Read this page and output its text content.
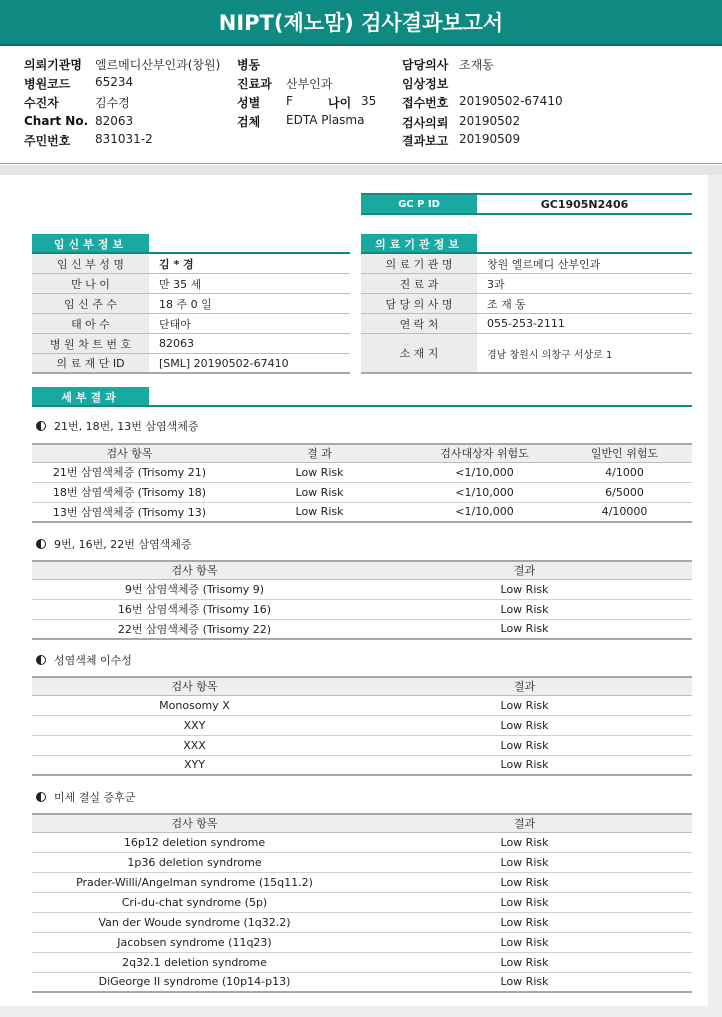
NIPT(제노맘) 검사결과보고서
의뢰기관명 엘르메디산부인과(창원)
병원코드 65234
수진자	김수경
Chart No. 82063
주민번호 831031-2
병동
진료과 산부인과
성별 F	나이 35
검체 EDTA Plasma
담당의사 조재동
임상정보
접수번호 20190502-67410
검사의뢰 20190502
결과보고 20190509
GC P ID	GC1905N2406
임신부정보
임 신 부 성 명	김 * 경
만 나 이	만 35 세
임 신 주 수	18 주 0 일
태 아 수	단태아
병 원 차 트 번 호	82063
의 료 재 단 ID	[SML] 20190502-67410
의료기관정보
의 료 기 관 명	창원 엘르메디 산부인과
진 료 과	3과
담 당 의 사 명	조 재 동
연 락 처	055-253-2111
소 재 지	경남 창원시 의창구 서상로 1
세부결과
21번, 18번, 13번 삼염색체증
검사 항목	결 과	검사대상자 위험도	일반인 위험도
21번 삼염색체증 (Trisomy 21)	Low Risk	<1/10,000	4/1000
18번 삼염색체증 (Trisomy 18)	Low Risk	<1/10,000	6/5000
13번 삼염색체증 (Trisomy 13)	Low Risk	<1/10,000	4/10000
9번, 16번, 22번 삼염색체증
검사 항목	결과
9번 삼염색체증 (Trisomy 9)	Low Risk
16번 삼염색체증 (Trisomy 16)	Low Risk
22번 삼염색체증 (Trisomy 22)	Low Risk
성염색체 이수성
검사 항목	결과
Monosomy X	Low Risk
XXY	Low Risk
XXX	Low Risk
XYY	Low Risk
미세 결실 증후군
검사 항목	결과
16p12 deletion syndrome	Low Risk
1p36 deletion syndrome	Low Risk
Prader-Willi/Angelman syndrome (15q11.2)	Low Risk
Cri-du-chat syndrome (5p)	Low Risk
Van der Woude syndrome (1q32.2)	Low Risk
Jacobsen syndrome (11q23)	Low Risk
2q32.1 deletion syndrome	Low Risk
DiGeorge II syndrome (10p14-p13)	Low Risk
